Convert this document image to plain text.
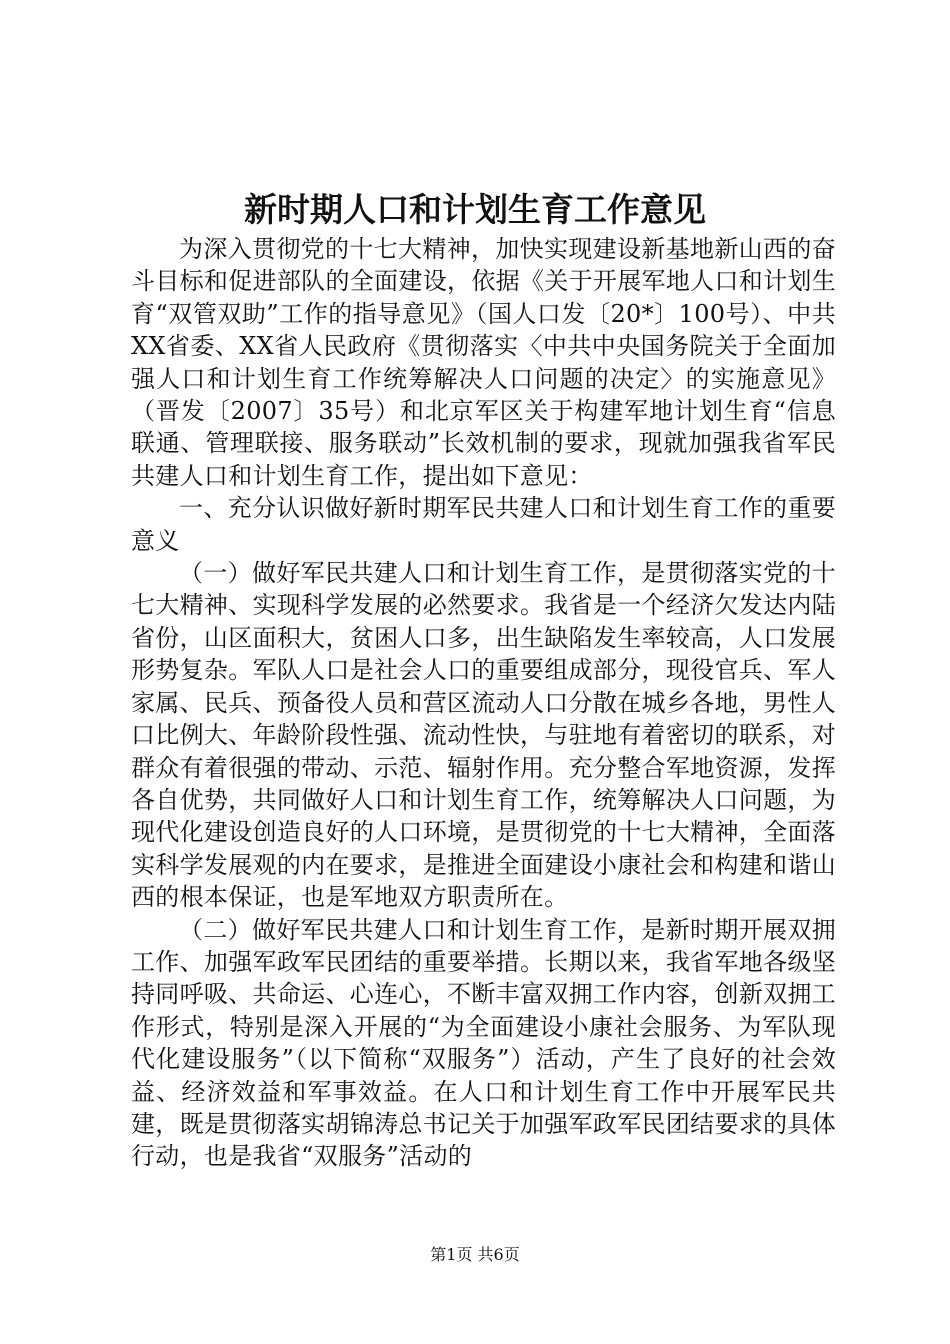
新时期人口和计划生育工作意见

为深入贯彻党的十七大精神，加快实现建设新基地新山西的奋斗目标和促进部队的全面建设，依据《关于开展军地人口和计划生育“双管双助”工作的指导意见》（国人口发〔20*〕100号）、中共XX省委、XX省人民政府《贯彻落实〈中共中央国务院关于全面加强人口和计划生育工作统筹解决人口问题的决定〉的实施意见》（晋发〔2007〕35号）和北京军区关于构建军地计划生育“信息联通、管理联接、服务联动”长效机制的要求，现就加强我省军民共建人口和计划生育工作，提出如下意见：

一、充分认识做好新时期军民共建人口和计划生育工作的重要意义

（一）做好军民共建人口和计划生育工作，是贯彻落实党的十七大精神、实现科学发展的必然要求。我省是一个经济欠发达内陆省份，山区面积大，贫困人口多，出生缺陷发生率较高，人口发展形势复杂。军队人口是社会人口的重要组成部分，现役官兵、军人家属、民兵、预备役人员和营区流动人口分散在城乡各地，男性人口比例大、年龄阶段性强、流动性快，与驻地有着密切的联系，对群众有着很强的带动、示范、辐射作用。充分整合军地资源，发挥各自优势，共同做好人口和计划生育工作，统筹解决人口问题，为现代化建设创造良好的人口环境，是贯彻党的十七大精神，全面落实科学发展观的内在要求，是推进全面建设小康社会和构建和谐山西的根本保证，也是军地双方职责所在。

（二）做好军民共建人口和计划生育工作，是新时期开展双拥工作、加强军政军民团结的重要举措。长期以来，我省军地各级坚持同呼吸、共命运、心连心，不断丰富双拥工作内容，创新双拥工作形式，特别是深入开展的“为全面建设小康社会服务、为军队现代化建设服务”（以下简称“双服务”）活动，产生了良好的社会效益、经济效益和军事效益。在人口和计划生育工作中开展军民共建，既是贯彻落实胡锦涛总书记关于加强军政军民团结要求的具体行动，也是我省“双服务”活动的

第1页 共6页
